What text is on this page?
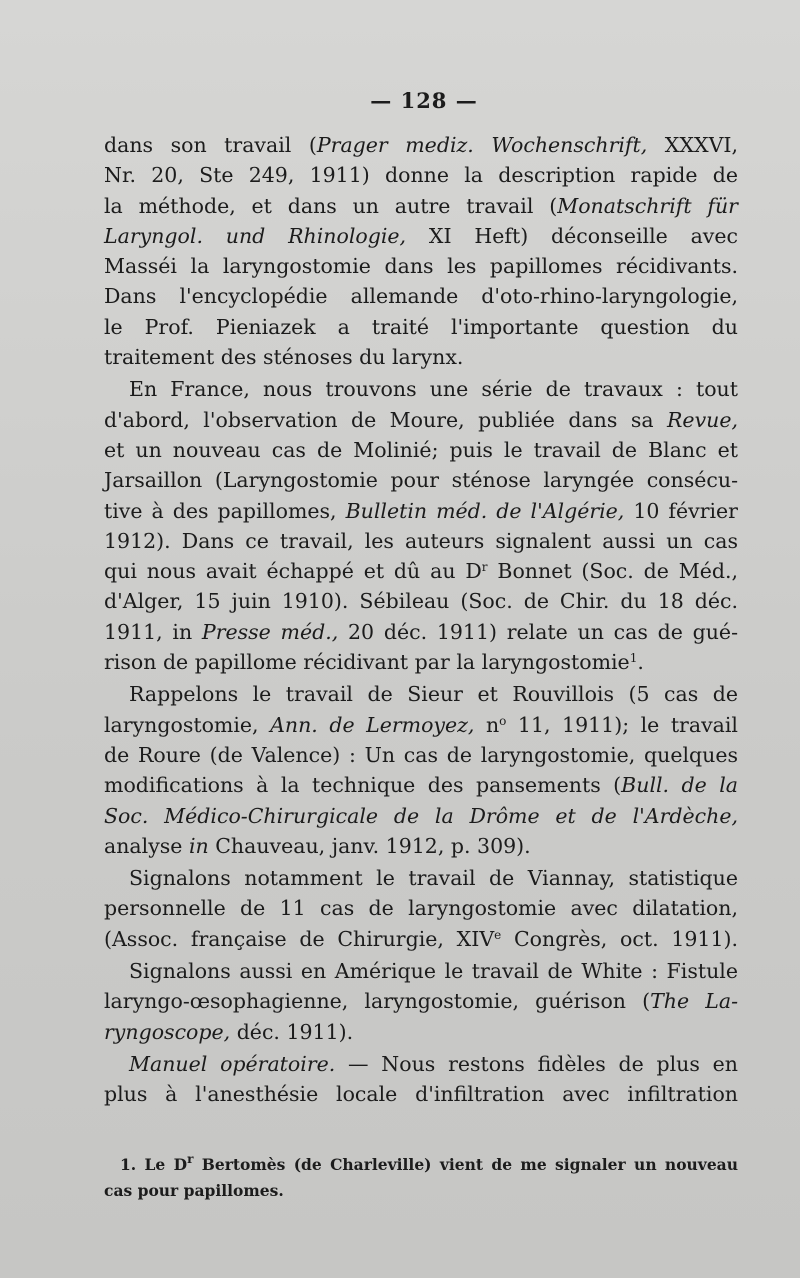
— 128 —
dans son travail (Prager mediz. Wochenschrift, XXXVI,
Nr. 20, Ste 249, 1911) donne la description rapide de
la méthode, et dans un autre travail (Monatschrift für
Laryngol. und Rhinologie, XI Heft) déconseille avec
Masséi la laryngostomie dans les papillomes récidivants.
Dans l'encyclopédie allemande d'oto-rhino-laryngologie,
le Prof. Pieniazek a traité l'importante question du
traitement des sténoses du larynx.
En France, nous trouvons une série de travaux : tout
d'abord, l'observation de Moure, publiée dans sa Revue,
et un nouveau cas de Molinié; puis le travail de Blanc et
Jarsaillon (Laryngostomie pour sténose laryngée consécu-
tive à des papillomes, Bulletin méd. de l'Algérie, 10 février
1912). Dans ce travail, les auteurs signalent aussi un cas
qui nous avait échappé et dû au $D^r$ Bonnet (Soc. de Méd.,
d'Alger, 15 juin 1910). Sébileau (Soc. de Chir. du 18 déc.
1911, in Presse méd., 20 déc. 1911) relate un cas de gué-
rison de papillome récidivant par la laryngostomie$^1$.
Rappelons le travail de Sieur et Rouvillois (5 cas de
laryngostomie, Ann. de Lermoyez, $n^o$ 11, 1911); le travail
de Roure (de Valence) : Un cas de laryngostomie, quelques
modifications à la technique des pansements (Bull. de la
Soc. Médico-Chirurgicale de la Drôme et de l'Ardèche,
analyse in Chauveau, janv. 1912, p. 309).
Signalons notamment le travail de Viannay, statistique
personnelle de 11 cas de laryngostomie avec dilatation,
(Assoc. française de Chirurgie, XIVe Congrès, oct. 1911).
Signalons aussi en Amérique le travail de White : Fistule
laryngo-œsophagienne, laryngostomie, guérison (The La-
ryngoscope, déc. 1911).
Manuel opératoire. — Nous restons fidèles de plus en
plus à l'anesthésie locale d'infiltration avec infiltration
1. Le $D^r$ Bertomès (de Charleville) vient de me signaler un nouveau
cas pour papillomes.
